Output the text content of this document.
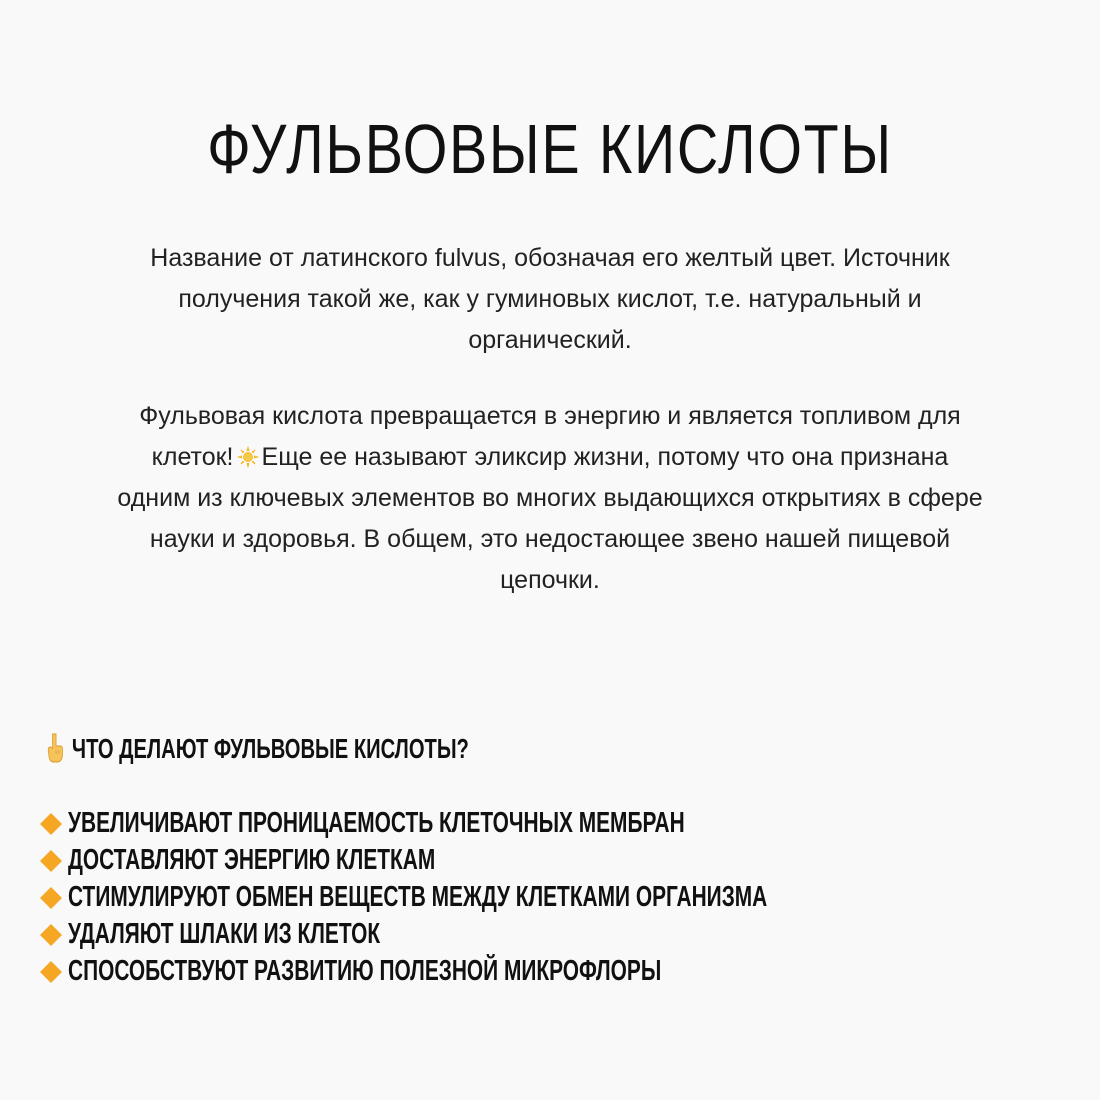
ФУЛЬВОВЫЕ КИСЛОТЫ

Название от латинского fulvus, обозначая его желтый цвет. Источник
получения такой же, как у гуминовых кислот, т.е. натуральный и
органический.

Фульвовая кислота превращается в энергию и является топливом для
клеток! Еще ее называют эликсир жизни, потому что она признана
одним из ключевых элементов во многих выдающихся открытиях в сфере
науки и здоровья. В общем, это недостающее звено нашей пищевой
цепочки.

ЧТО ДЕЛАЮТ ФУЛЬВОВЫЕ КИСЛОТЫ?
УВЕЛИЧИВАЮТ ПРОНИЦАЕМОСТЬ КЛЕТОЧНЫХ МЕМБРАН
ДОСТАВЛЯЮТ ЭНЕРГИЮ КЛЕТКАМ
СТИМУЛИРУЮТ ОБМЕН ВЕЩЕСТВ МЕЖДУ КЛЕТКАМИ ОРГАНИЗМА
УДАЛЯЮТ ШЛАКИ ИЗ КЛЕТОК
СПОСОБСТВУЮТ РАЗВИТИЮ ПОЛЕЗНОЙ МИКРОФЛОРЫ
